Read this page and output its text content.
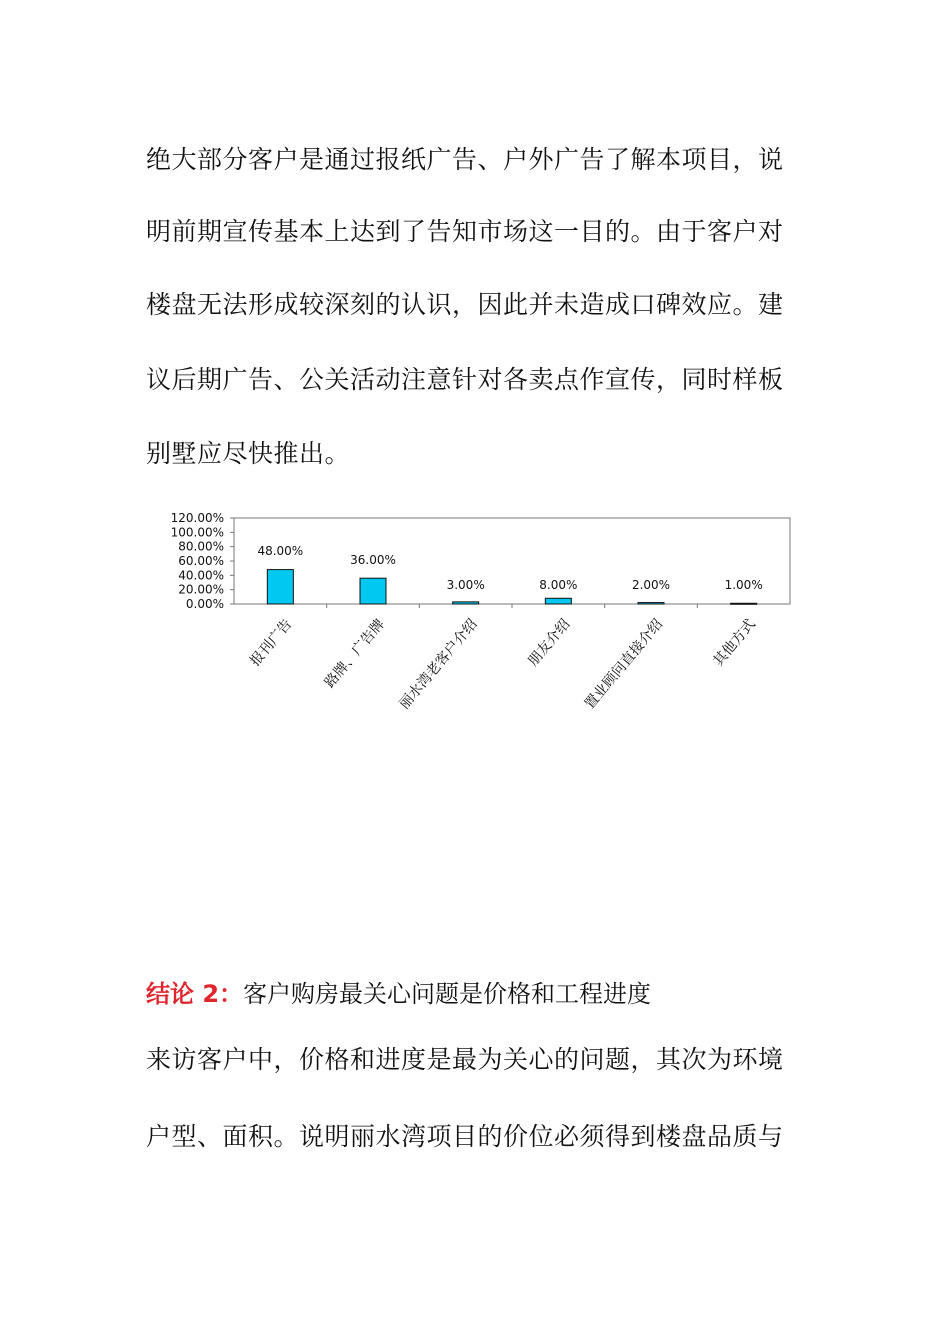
绝大部分客户是通过报纸广告、户外广告了解本项目，说
明前期宣传基本上达到了告知市场这一目的。由于客户对
楼盘无法形成较深刻的认识，因此并未造成口碑效应。建
议后期广告、公关活动注意针对各卖点作宣传，同时样板
别墅应尽快推出。
0.00%
20.00%
40.00%
60.00%
80.00%
100.00%
120.00%
48.00%
报刊广告
36.00%
路牌、广告牌
3.00%
丽水湾老客户介绍
8.00%
朋友介绍
2.00%
置业顾问直接介绍
1.00%
其他方式
结论 2：客户购房最关心问题是价格和工程进度
来访客户中，价格和进度是最为关心的问题，其次为环境
户型、面积。说明丽水湾项目的价位必须得到楼盘品质与
